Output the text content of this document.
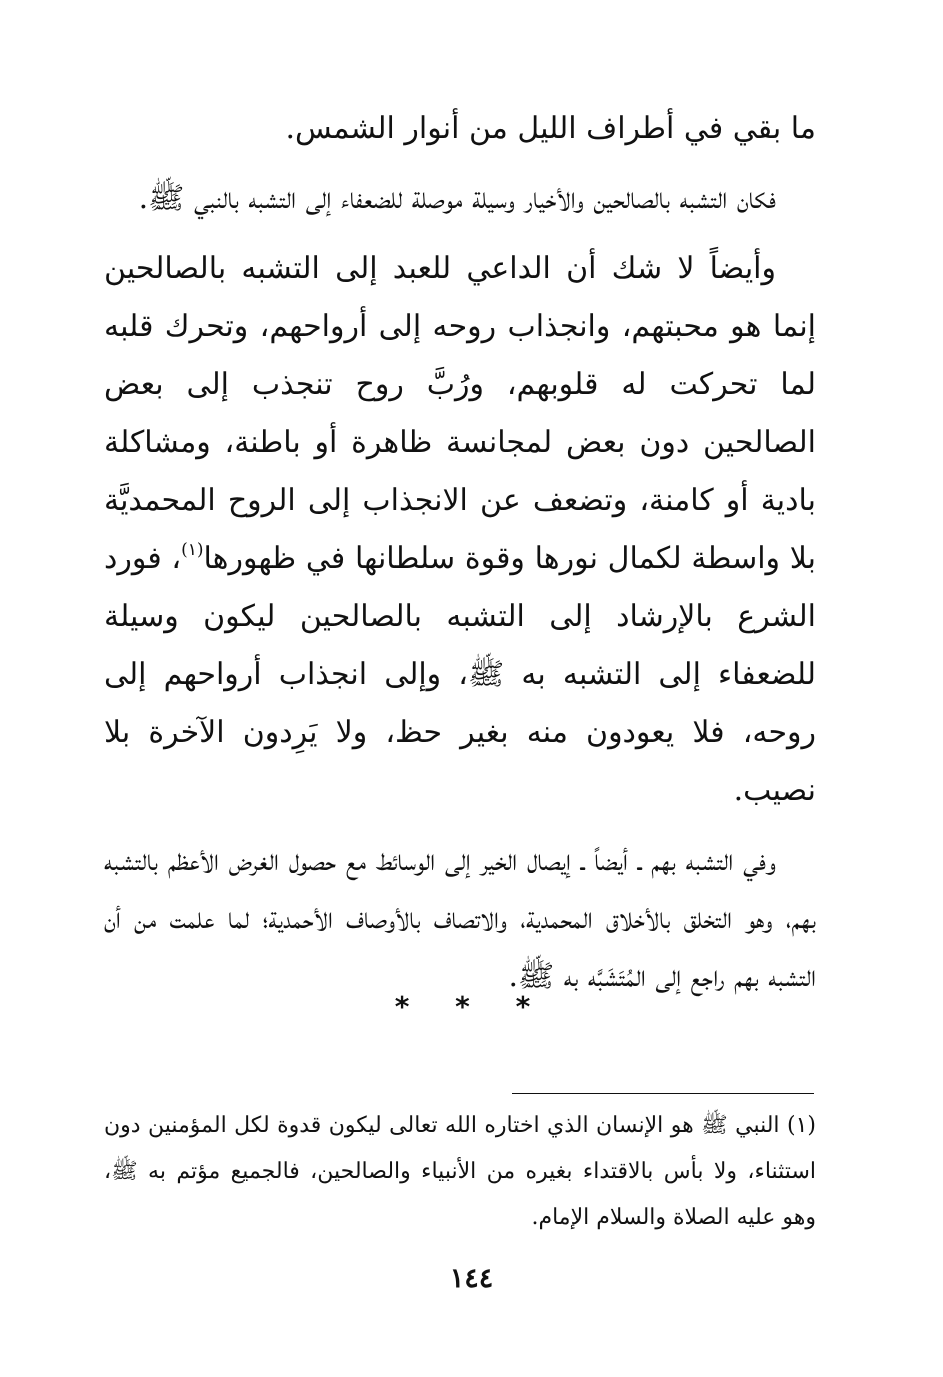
ما بقي في أطراف الليل من أنوار الشمس.

فكان التشبه بالصالحين والأخيار وسيلة موصلة للضعفاء إلى التشبه بالنبي ﷺ.

وأيضاً لا شك أن الداعي للعبد إلى التشبه بالصالحين إنما هو محبتهم، وانجذاب روحه إلى أرواحهم، وتحرك قلبه لما تحركت له قلوبهم، ورُبَّ روح تنجذب إلى بعض الصالحين دون بعض لمجانسة ظاهرة أو باطنة، ومشاكلة بادية أو كامنة، وتضعف عن الانجذاب إلى الروح المحمديَّة بلا واسطة لكمال نورها وقوة سلطانها في ظهورها$^{(١)}$، فورد الشرع بالإرشاد إلى التشبه بالصالحين ليكون وسيلة للضعفاء إلى التشبه به ﷺ، وإلى انجذاب أرواحهم إلى روحه، فلا يعودون منه بغير حظ، ولا يَرِدون الآخرة بلا نصيب.

وفي التشبه بهم ـ أيضاً ـ إيصال الخير إلى الوسائط مع حصول الغرض الأعظم بالتشبه بهم، وهو التخلق بالأخلاق المحمدية، والاتصاف بالأوصاف الأحمدية؛ لما علمت من أن التشبه بهم راجع إلى المُتَشَبَّه به ﷺ.

* * *
(١) النبي ﷺ هو الإنسان الذي اختاره الله تعالى ليكون قدوة لكل المؤمنين دون استثناء، ولا بأس بالاقتداء بغيره من الأنبياء والصالحين، فالجميع مؤتم به ﷺ، وهو عليه الصلاة والسلام الإمام.
١٤٤
